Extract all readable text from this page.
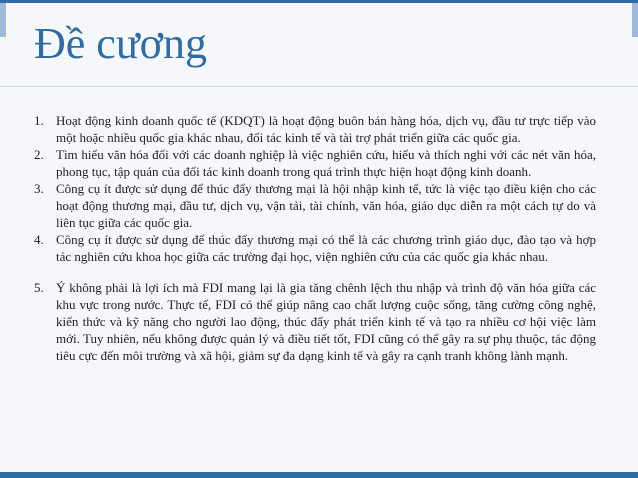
Đề cương
1. Hoạt động kinh doanh quốc tế (KDQT) là hoạt động buôn bán hàng hóa, dịch vụ, đầu tư trực tiếp vào một hoặc nhiều quốc gia khác nhau, đối tác kinh tế và tài trợ phát triển giữa các quốc gia.
2. Tìm hiểu văn hóa đối với các doanh nghiệp là việc nghiên cứu, hiểu và thích nghi với các nét văn hóa, phong tục, tập quán của đối tác kinh doanh trong quá trình thực hiện hoạt động kinh doanh.
3. Công cụ ít được sử dụng để thúc đẩy thương mại là hội nhập kinh tế, tức là việc tạo điều kiện cho các hoạt động thương mại, đầu tư, dịch vụ, vận tải, tài chính, văn hóa, giáo dục diễn ra một cách tự do và liên tục giữa các quốc gia.
4. Công cụ ít được sử dụng để thúc đẩy thương mại có thể là các chương trình giáo dục, đào tạo và hợp tác nghiên cứu khoa học giữa các trường đại học, viện nghiên cứu của các quốc gia khác nhau.
5. Ý không phải là lợi ích mà FDI mang lại là gia tăng chênh lệch thu nhập và trình độ văn hóa giữa các khu vực trong nước. Thực tế, FDI có thể giúp nâng cao chất lượng cuộc sống, tăng cường công nghệ, kiến thức và kỹ năng cho người lao động, thúc đẩy phát triển kinh tế và tạo ra nhiều cơ hội việc làm mới. Tuy nhiên, nếu không được quản lý và điều tiết tốt, FDI cũng có thể gây ra sự phụ thuộc, tác động tiêu cực đến môi trường và xã hội, giảm sự đa dạng kinh tế và gây ra cạnh tranh không lành mạnh.
